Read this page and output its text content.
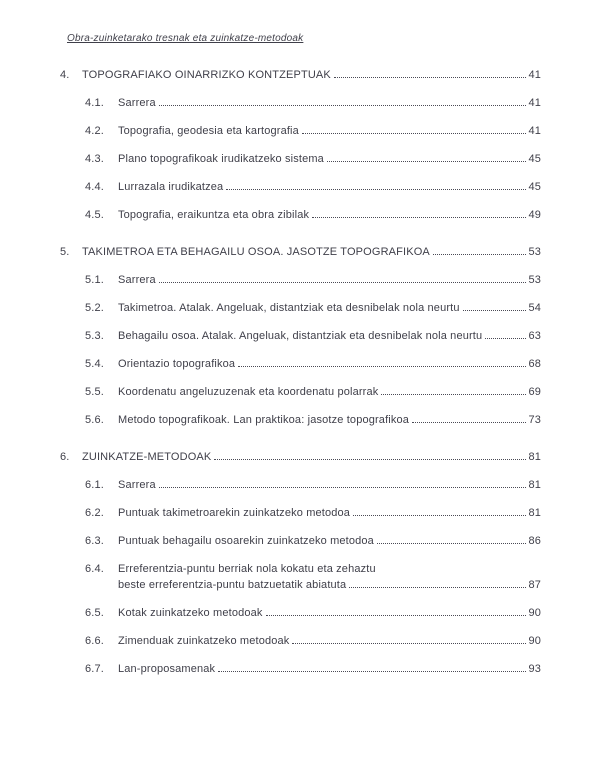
Obra-zuinketarako tresnak eta zuinkatze-metodoak
4.	TOPOGRAFIAKO OINARRIZKO KONTZEPTUAK	41
4.1.	Sarrera	41
4.2.	Topografia, geodesia eta kartografia	41
4.3.	Plano topografikoak irudikatzeko sistema	45
4.4.	Lurrazala irudikatzea	45
4.5.	Topografia, eraikuntza eta obra zibilak	49
5.	TAKIMETROA ETA BEHAGAILU OSOA. JASOTZE TOPOGRAFIKOA	53
5.1.	Sarrera	53
5.2.	Takimetroa. Atalak. Angeluak, distantziak eta desnibelak nola neurtu	54
5.3.	Behagailu osoa. Atalak. Angeluak, distantziak eta desnibelak nola neurtu	63
5.4.	Orientazio topografikoa	68
5.5.	Koordenatu angeluzuzenak eta koordenatu polarrak	69
5.6.	Metodo topografikoak. Lan praktikoa: jasotze topografikoa	73
6.	ZUINKATZE-METODOAK	81
6.1.	Sarrera	81
6.2.	Puntuak takimetroarekin zuinkatzeko metodoa	81
6.3.	Puntuak behagailu osoarekin zuinkatzeko metodoa	86
6.4.	Erreferentzia-puntu berriak nola kokatu eta zehaztu
beste erreferentzia-puntu batzuetatik abiatuta	87
6.5.	Kotak zuinkatzeko metodoak	90
6.6.	Zimenduak zuinkatzeko metodoak	90
6.7.	Lan-proposamenak	93
